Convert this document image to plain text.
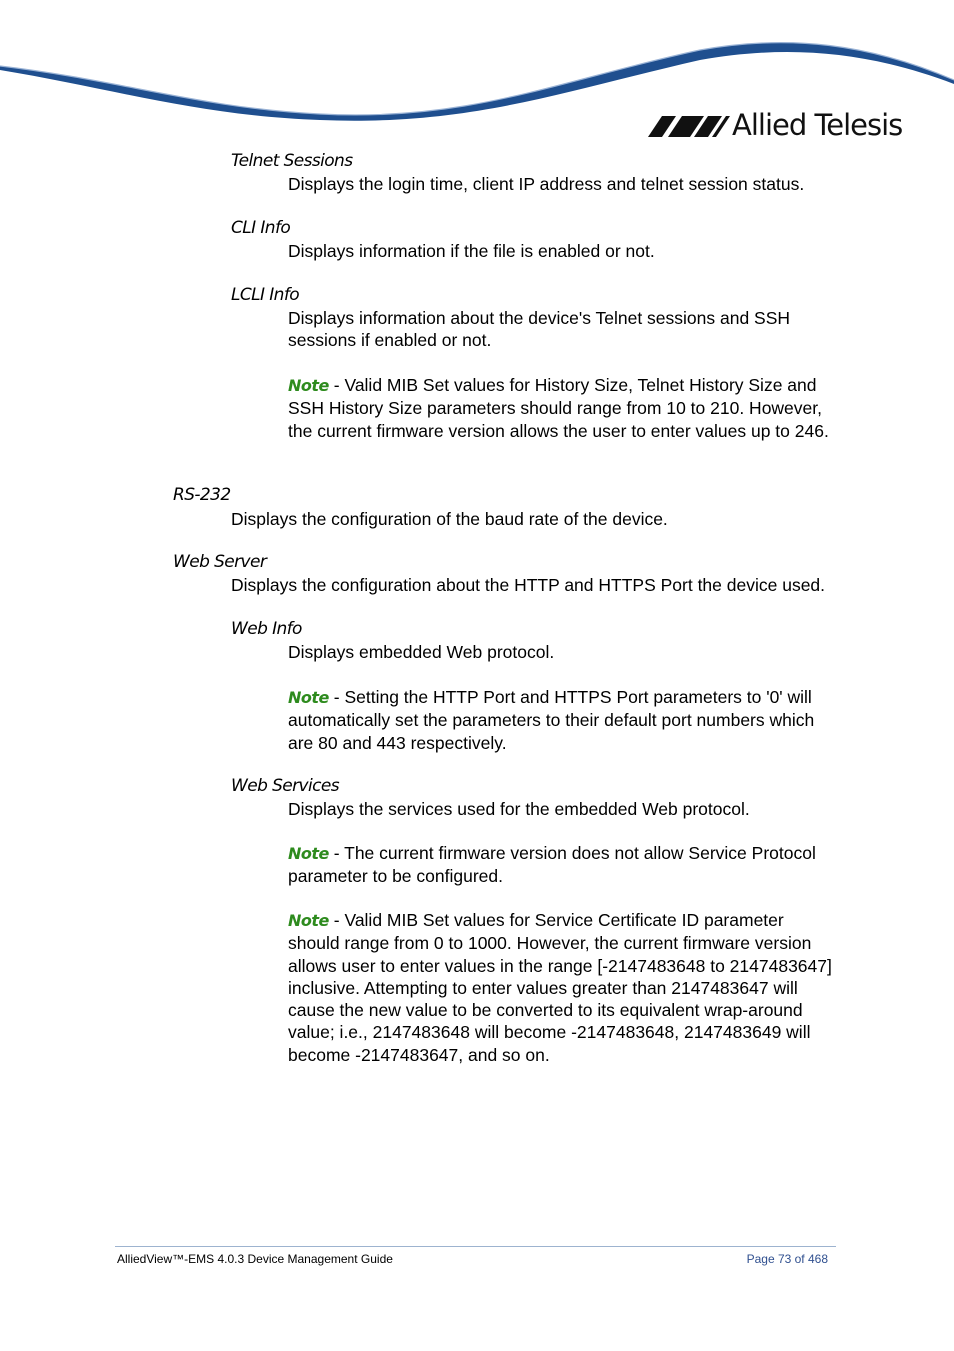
Allied Telesis
Telnet Sessions
Displays the login time, client IP address and telnet session status.
CLI Info
Displays information if the file is enabled or not.
LCLI Info
Displays information about the device's Telnet sessions and SSH sessions if enabled or not.
Note - Valid MIB Set values for History Size, Telnet History Size and SSH History Size parameters should range from 10 to 210. However, the current firmware version allows the user to enter values up to 246.
RS-232
Displays the configuration of the baud rate of the device.
Web Server
Displays the configuration about the HTTP and HTTPS Port the device used.
Web Info
Displays embedded Web protocol.
Note - Setting the HTTP Port and HTTPS Port parameters to '0' will automatically set the parameters to their default port numbers which are 80 and 443 respectively.
Web Services
Displays the services used for the embedded Web protocol.
Note - The current firmware version does not allow Service Protocol parameter to be configured.
Note - Valid MIB Set values for Service Certificate ID parameter should range from 0 to 1000. However, the current firmware version allows user to enter values in the range [-2147483648 to 2147483647] inclusive. Attempting to enter values greater than 2147483647 will cause the new value to be converted to its equivalent wrap-around value; i.e., 2147483648 will become -2147483648, 2147483649 will become -2147483647, and so on.
AlliedView™-EMS 4.0.3 Device Management Guide	Page 73 of 468
